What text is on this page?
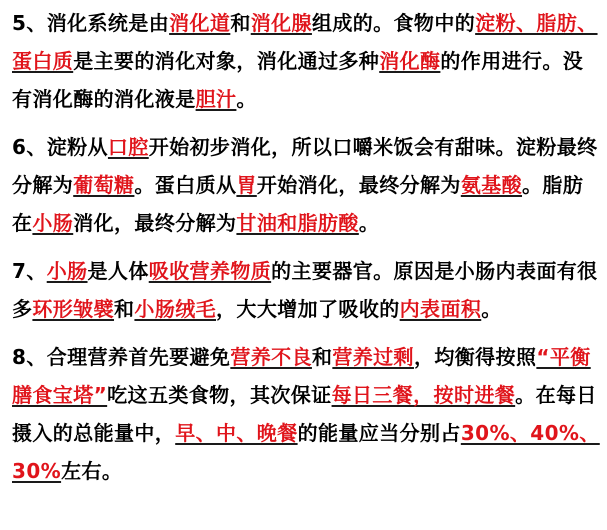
5、消化系统是由消化道和消化腺组成的。食物中的淀粉、脂肪、蛋白质是主要的消化对象，消化通过多种消化酶的作用进行。没有消化酶的消化液是胆汁。

6、淀粉从口腔开始初步消化，所以口嚼米饭会有甜味。淀粉最终分解为葡萄糖。蛋白质从胃开始消化，最终分解为氨基酸。脂肪在小肠消化，最终分解为甘油和脂肪酸。

7、小肠是人体吸收营养物质的主要器官。原因是小肠内表面有很多环形皱襞和小肠绒毛，大大增加了吸收的内表面积。

8、合理营养首先要避免营养不良和营养过剩，均衡得按照“平衡膳食宝塔”吃这五类食物，其次保证每日三餐，按时进餐。在每日摄入的总能量中，早、中、晚餐的能量应当分别占30%、40%、30%左右。
